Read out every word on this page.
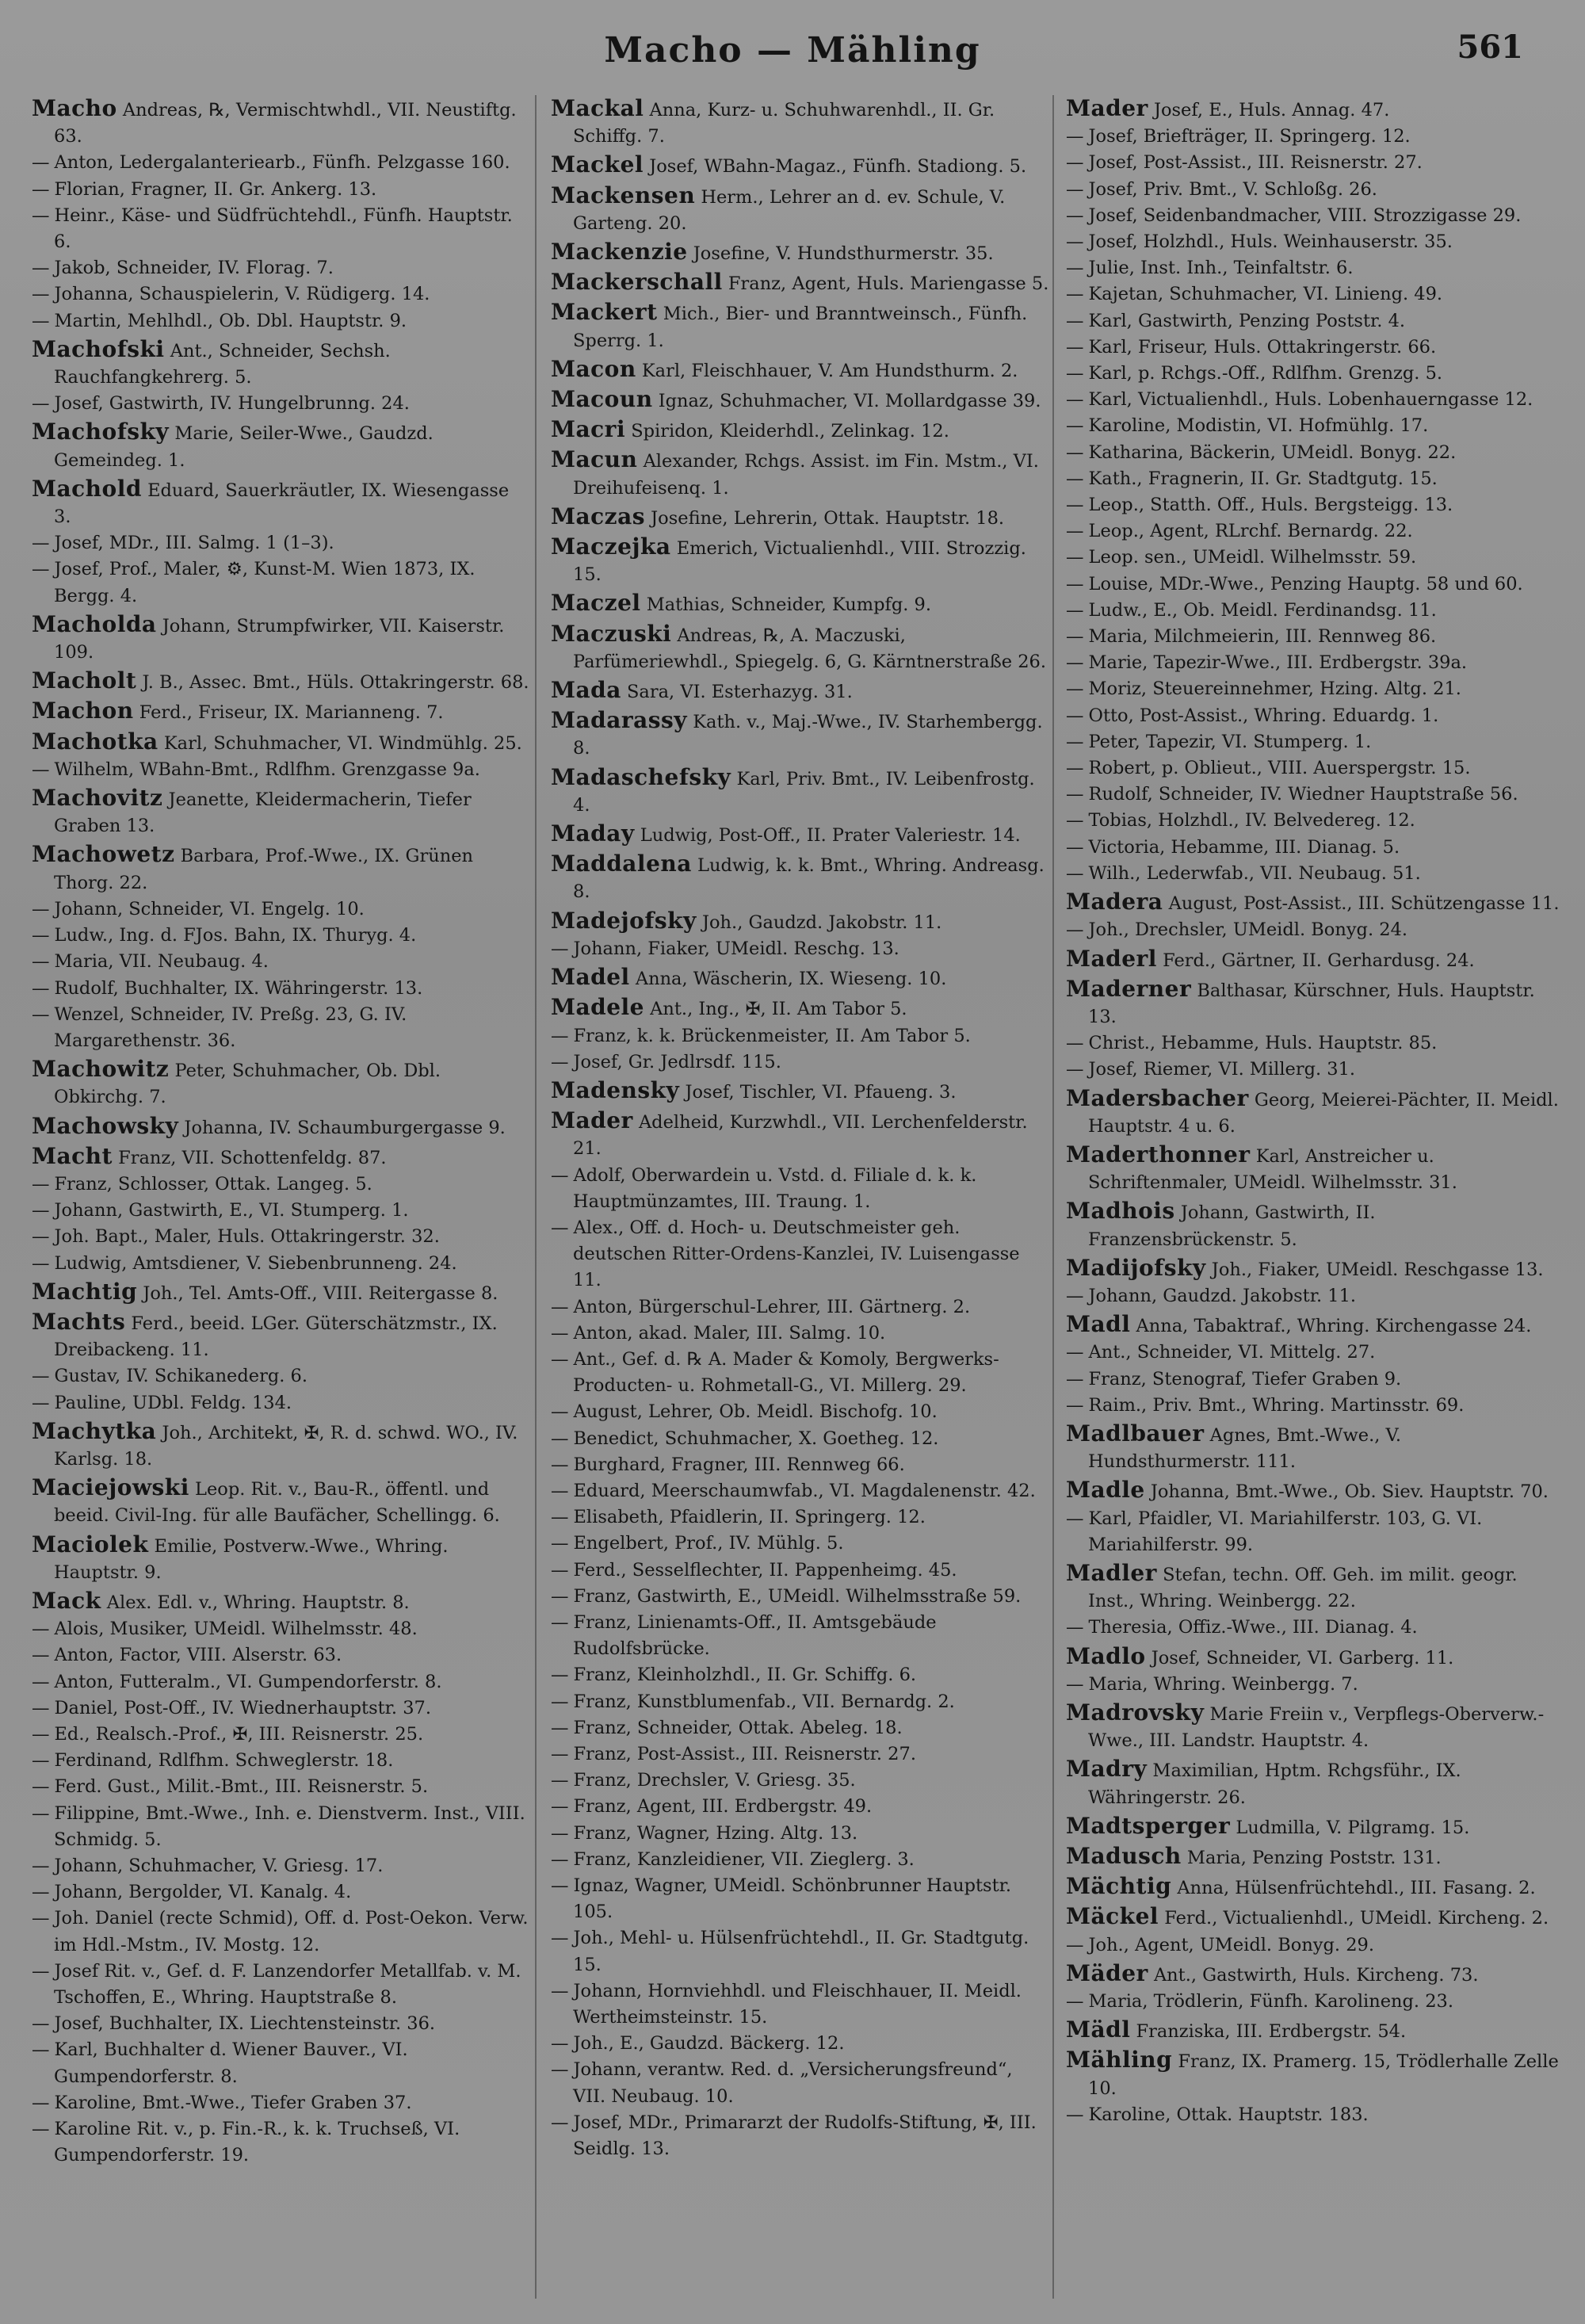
Macho — Mähling	561

Macho Andreas, ℞, Vermischtwhdl., VII. Neustiftg. 63.

— Anton, Ledergalanteriearb., Fünfh. Pelzgasse 160.

— Florian, Fragner, II. Gr. Ankerg. 13.

— Heinr., Käse- und Südfrüchtehdl., Fünfh. Hauptstr. 6.

— Jakob, Schneider, IV. Florag. 7.

— Johanna, Schauspielerin, V. Rüdigerg. 14.

— Martin, Mehlhdl., Ob. Dbl. Hauptstr. 9.

Machofski Ant., Schneider, Sechsh. Rauchfangkehrerg. 5.

— Josef, Gastwirth, IV. Hungelbrunng. 24.

Machofsky Marie, Seiler-Wwe., Gaudzd. Gemeindeg. 1.

Machold Eduard, Sauerkräutler, IX. Wiesengasse 3.

— Josef, MDr., III. Salmg. 1 (1–3).

— Josef, Prof., Maler, ⚙, Kunst-M. Wien 1873, IX. Bergg. 4.

Macholda Johann, Strumpfwirker, VII. Kaiserstr. 109.

Macholt J. B., Assec. Bmt., Hüls. Ottakringerstr. 68.

Machon Ferd., Friseur, IX. Marianneng. 7.

Machotka Karl, Schuhmacher, VI. Windmühlg. 25.

— Wilhelm, WBahn-Bmt., Rdlfhm. Grenzgasse 9a.

Machovitz Jeanette, Kleidermacherin, Tiefer Graben 13.

Machowetz Barbara, Prof.-Wwe., IX. Grünen Thorg. 22.

— Johann, Schneider, VI. Engelg. 10.

— Ludw., Ing. d. FJos. Bahn, IX. Thuryg. 4.

— Maria, VII. Neubaug. 4.

— Rudolf, Buchhalter, IX. Währingerstr. 13.

— Wenzel, Schneider, IV. Preßg. 23, G. IV. Margarethenstr. 36.

Machowitz Peter, Schuhmacher, Ob. Dbl. Obkirchg. 7.

Machowsky Johanna, IV. Schaumburgergasse 9.

Macht Franz, VII. Schottenfeldg. 87.

— Franz, Schlosser, Ottak. Langeg. 5.

— Johann, Gastwirth, E., VI. Stumperg. 1.

— Joh. Bapt., Maler, Huls. Ottakringerstr. 32.

— Ludwig, Amtsdiener, V. Siebenbrunneng. 24.

Machtig Joh., Tel. Amts-Off., VIII. Reitergasse 8.

Machts Ferd., beeid. LGer. Güterschätzmstr., IX. Dreibackeng. 11.

— Gustav, IV. Schikanederg. 6.

— Pauline, UDbl. Feldg. 134.

Machytka Joh., Architekt, ✠, R. d. schwd. WO., IV. Karlsg. 18.

Maciejowski Leop. Rit. v., Bau-R., öffentl. und beeid. Civil-Ing. für alle Baufächer, Schellingg. 6.

Maciolek Emilie, Postverw.-Wwe., Whring. Hauptstr. 9.

Mack Alex. Edl. v., Whring. Hauptstr. 8.

— Alois, Musiker, UMeidl. Wilhelmsstr. 48.

— Anton, Factor, VIII. Alserstr. 63.

— Anton, Futteralm., VI. Gumpendorferstr. 8.

— Daniel, Post-Off., IV. Wiednerhauptstr. 37.

— Ed., Realsch.-Prof., ✠, III. Reisnerstr. 25.

— Ferdinand, Rdlfhm. Schweglerstr. 18.

— Ferd. Gust., Milit.-Bmt., III. Reisnerstr. 5.

— Filippine, Bmt.-Wwe., Inh. e. Dienstverm. Inst., VIII. Schmidg. 5.

— Johann, Schuhmacher, V. Griesg. 17.

— Johann, Bergolder, VI. Kanalg. 4.

— Joh. Daniel (recte Schmid), Off. d. Post-Oekon. Verw. im Hdl.-Mstm., IV. Mostg. 12.

— Josef Rit. v., Gef. d. F. Lanzendorfer Metallfab. v. M. Tschoffen, E., Whring. Hauptstraße 8.

— Josef, Buchhalter, IX. Liechtensteinstr. 36.

— Karl, Buchhalter d. Wiener Bauver., VI. Gumpendorferstr. 8.

— Karoline, Bmt.-Wwe., Tiefer Graben 37.

— Karoline Rit. v., p. Fin.-R., k. k. Truchseß, VI. Gumpendorferstr. 19.

Mackal Anna, Kurz- u. Schuhwarenhdl., II. Gr. Schiffg. 7.

Mackel Josef, WBahn-Magaz., Fünfh. Stadiong. 5.

Mackensen Herm., Lehrer an d. ev. Schule, V. Garteng. 20.

Mackenzie Josefine, V. Hundsthurmerstr. 35.

Mackerschall Franz, Agent, Huls. Mariengasse 5.

Mackert Mich., Bier- und Branntweinsch., Fünfh. Sperrg. 1.

Macon Karl, Fleischhauer, V. Am Hundsthurm. 2.

Macoun Ignaz, Schuhmacher, VI. Mollardgasse 39.

Macri Spiridon, Kleiderhdl., Zelinkag. 12.

Macun Alexander, Rchgs. Assist. im Fin. Mstm., VI. Dreihufeisenq. 1.

Maczas Josefine, Lehrerin, Ottak. Hauptstr. 18.

Maczejka Emerich, Victualienhdl., VIII. Strozzig. 15.

Maczel Mathias, Schneider, Kumpfg. 9.

Maczuski Andreas, ℞, A. Maczuski, Parfümeriewhdl., Spiegelg. 6, G. Kärntnerstraße 26.

Mada Sara, VI. Esterhazyg. 31.

Madarassy Kath. v., Maj.-Wwe., IV. Starhembergg. 8.

Madaschefsky Karl, Priv. Bmt., IV. Leibenfrostg. 4.

Maday Ludwig, Post-Off., II. Prater Valeriestr. 14.

Maddalena Ludwig, k. k. Bmt., Whring. Andreasg. 8.

Madejofsky Joh., Gaudzd. Jakobstr. 11.

— Johann, Fiaker, UMeidl. Reschg. 13.

Madel Anna, Wäscherin, IX. Wieseng. 10.

Madele Ant., Ing., ✠, II. Am Tabor 5.

— Franz, k. k. Brückenmeister, II. Am Tabor 5.

— Josef, Gr. Jedlrsdf. 115.

Madensky Josef, Tischler, VI. Pfaueng. 3.

Mader Adelheid, Kurzwhdl., VII. Lerchenfelderstr. 21.

— Adolf, Oberwardein u. Vstd. d. Filiale d. k. k. Hauptmünzamtes, III. Traung. 1.

— Alex., Off. d. Hoch- u. Deutschmeister geh. deutschen Ritter-Ordens-Kanzlei, IV. Luisengasse 11.

— Anton, Bürgerschul-Lehrer, III. Gärtnerg. 2.

— Anton, akad. Maler, III. Salmg. 10.

— Ant., Gef. d. ℞ A. Mader & Komoly, Bergwerks-Producten- u. Rohmetall-G., VI. Millerg. 29.

— August, Lehrer, Ob. Meidl. Bischofg. 10.

— Benedict, Schuhmacher, X. Goetheg. 12.

— Burghard, Fragner, III. Rennweg 66.

— Eduard, Meerschaumwfab., VI. Magdalenenstr. 42.

— Elisabeth, Pfaidlerin, II. Springerg. 12.

— Engelbert, Prof., IV. Mühlg. 5.

— Ferd., Sesselflechter, II. Pappenheimg. 45.

— Franz, Gastwirth, E., UMeidl. Wilhelmsstraße 59.

— Franz, Linienamts-Off., II. Amtsgebäude Rudolfsbrücke.

— Franz, Kleinholzhdl., II. Gr. Schiffg. 6.

— Franz, Kunstblumenfab., VII. Bernardg. 2.

— Franz, Schneider, Ottak. Abeleg. 18.

— Franz, Post-Assist., III. Reisnerstr. 27.

— Franz, Drechsler, V. Griesg. 35.

— Franz, Agent, III. Erdbergstr. 49.

— Franz, Wagner, Hzing. Altg. 13.

— Franz, Kanzleidiener, VII. Zieglerg. 3.

— Ignaz, Wagner, UMeidl. Schönbrunner Hauptstr. 105.

— Joh., Mehl- u. Hülsenfrüchtehdl., II. Gr. Stadtgutg. 15.

— Johann, Hornviehhdl. und Fleischhauer, II. Meidl. Wertheimsteinstr. 15.

— Joh., E., Gaudzd. Bäckerg. 12.

— Johann, verantw. Red. d. „Versicherungsfreund“, VII. Neubaug. 10.

— Josef, MDr., Primararzt der Rudolfs-Stiftung, ✠, III. Seidlg. 13.

Mader Josef, E., Huls. Annag. 47.

— Josef, Briefträger, II. Springerg. 12.

— Josef, Post-Assist., III. Reisnerstr. 27.

— Josef, Priv. Bmt., V. Schloßg. 26.

— Josef, Seidenbandmacher, VIII. Strozzigasse 29.

— Josef, Holzhdl., Huls. Weinhauserstr. 35.

— Julie, Inst. Inh., Teinfaltstr. 6.

— Kajetan, Schuhmacher, VI. Linieng. 49.

— Karl, Gastwirth, Penzing Poststr. 4.

— Karl, Friseur, Huls. Ottakringerstr. 66.

— Karl, p. Rchgs.-Off., Rdlfhm. Grenzg. 5.

— Karl, Victualienhdl., Huls. Lobenhauerngasse 12.

— Karoline, Modistin, VI. Hofmühlg. 17.

— Katharina, Bäckerin, UMeidl. Bonyg. 22.

— Kath., Fragnerin, II. Gr. Stadtgutg. 15.

— Leop., Statth. Off., Huls. Bergsteigg. 13.

— Leop., Agent, RLrchf. Bernardg. 22.

— Leop. sen., UMeidl. Wilhelmsstr. 59.

— Louise, MDr.-Wwe., Penzing Hauptg. 58 und 60.

— Ludw., E., Ob. Meidl. Ferdinandsg. 11.

— Maria, Milchmeierin, III. Rennweg 86.

— Marie, Tapezir-Wwe., III. Erdbergstr. 39a.

— Moriz, Steuereinnehmer, Hzing. Altg. 21.

— Otto, Post-Assist., Whring. Eduardg. 1.

— Peter, Tapezir, VI. Stumperg. 1.

— Robert, p. Oblieut., VIII. Auerspergstr. 15.

— Rudolf, Schneider, IV. Wiedner Hauptstraße 56.

— Tobias, Holzhdl., IV. Belvedereg. 12.

— Victoria, Hebamme, III. Dianag. 5.

— Wilh., Lederwfab., VII. Neubaug. 51.

Madera August, Post-Assist., III. Schützengasse 11.

— Joh., Drechsler, UMeidl. Bonyg. 24.

Maderl Ferd., Gärtner, II. Gerhardusg. 24.

Maderner Balthasar, Kürschner, Huls. Hauptstr. 13.

— Christ., Hebamme, Huls. Hauptstr. 85.

— Josef, Riemer, VI. Millerg. 31.

Madersbacher Georg, Meierei-Pächter, II. Meidl. Hauptstr. 4 u. 6.

Maderthonner Karl, Anstreicher u. Schriftenmaler, UMeidl. Wilhelmsstr. 31.

Madhois Johann, Gastwirth, II. Franzensbrückenstr. 5.

Madijofsky Joh., Fiaker, UMeidl. Reschgasse 13.

— Johann, Gaudzd. Jakobstr. 11.

Madl Anna, Tabaktraf., Whring. Kirchengasse 24.

— Ant., Schneider, VI. Mittelg. 27.

— Franz, Stenograf, Tiefer Graben 9.

— Raim., Priv. Bmt., Whring. Martinsstr. 69.

Madlbauer Agnes, Bmt.-Wwe., V. Hundsthurmerstr. 111.

Madle Johanna, Bmt.-Wwe., Ob. Siev. Hauptstr. 70.

— Karl, Pfaidler, VI. Mariahilferstr. 103, G. VI. Mariahilferstr. 99.

Madler Stefan, techn. Off. Geh. im milit. geogr. Inst., Whring. Weinbergg. 22.

— Theresia, Offiz.-Wwe., III. Dianag. 4.

Madlo Josef, Schneider, VI. Garberg. 11.

— Maria, Whring. Weinbergg. 7.

Madrovsky Marie Freiin v., Verpflegs-Oberverw.-Wwe., III. Landstr. Hauptstr. 4.

Madry Maximilian, Hptm. Rchgsführ., IX. Währingerstr. 26.

Madtsperger Ludmilla, V. Pilgramg. 15.

Madusch Maria, Penzing Poststr. 131.

Mächtig Anna, Hülsenfrüchtehdl., III. Fasang. 2.

Mäckel Ferd., Victualienhdl., UMeidl. Kircheng. 2.

— Joh., Agent, UMeidl. Bonyg. 29.

Mäder Ant., Gastwirth, Huls. Kircheng. 73.

— Maria, Trödlerin, Fünfh. Karolineng. 23.

Mädl Franziska, III. Erdbergstr. 54.

Mähling Franz, IX. Pramerg. 15, Trödlerhalle Zelle 10.

— Karoline, Ottak. Hauptstr. 183.
